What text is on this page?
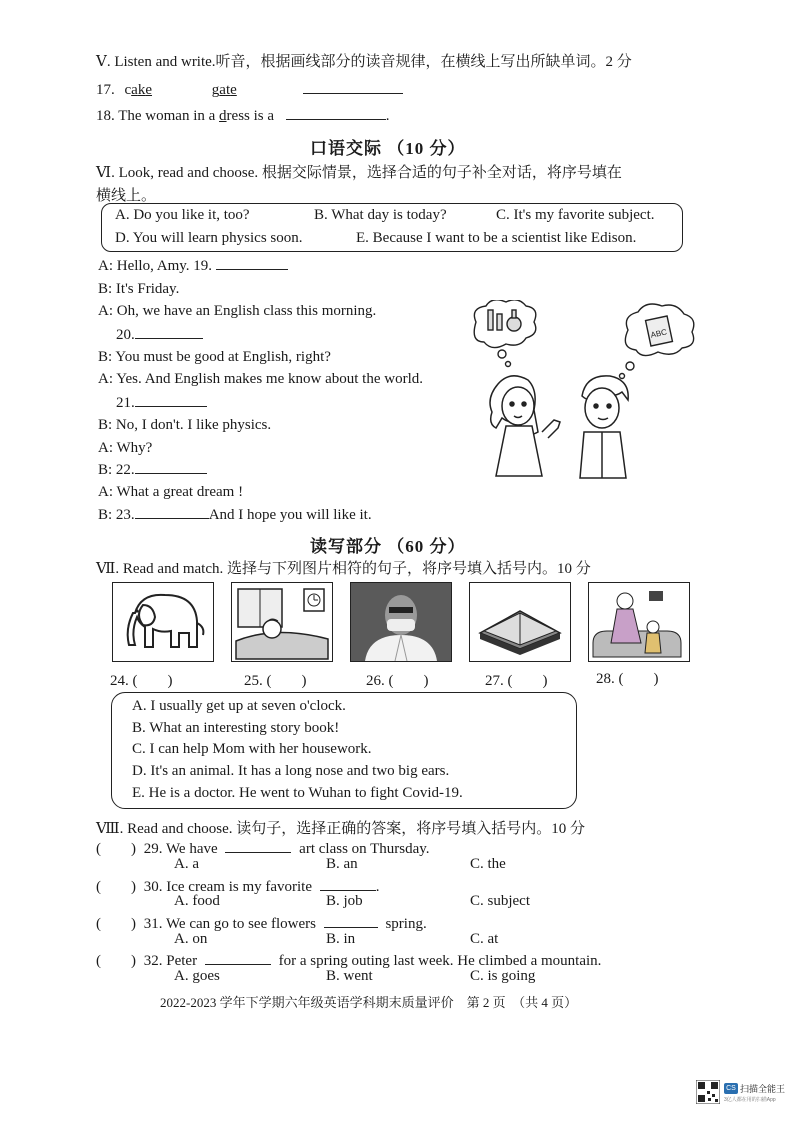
Ⅴ. Listen and write.听音，根据画线部分的读音规律，在横线上写出所缺单词。2 分
17. cake	gate
18. The woman in a dress is a	.
口语交际 （10 分）
Ⅵ. Look, read and choose. 根据交际情景，选择合适的句子补全对话，将序号填在
横线上。
A. Do you like it, too?	B. What day is today?	C. It's my favorite subject.
D. You will learn physics soon.	E. Because I want to be a scientist like Edison.
A: Hello, Amy. 19.
B: It's Friday.
A: Oh, we have an English class this morning.
20.
B: You must be good at English, right?
A: Yes. And English makes me know about the world.
21.
B: No, I don't. I like physics.
A: Why?
B: 22.
A: What a great dream !
B: 23.	And I hope you will like it.
ABC
读写部分 （60 分）
Ⅶ. Read and match. 选择与下列图片相符的句子，将序号填入括号内。10 分
24. (　　)	25. (　　)	26. (　　)	27. (　　)	28. (　　)
A. I usually get up at seven o'clock.
B. What an interesting story book!
C. I can help Mom with her housework.
D. It's an animal. It has a long nose and two big ears.
E. He is a doctor. He went to Wuhan to fight Covid-19.
Ⅷ. Read and choose. 读句子，选择正确的答案，将序号填入括号内。10 分
(　　) 29. We have	art class on Thursday.
A. a	B. an	C. the
(　　) 30. Ice cream is my favorite	.
A. food	B. job	C. subject
(　　) 31. We can go to see flowers	spring.
A. on	B. in	C. at
(　　) 32. Peter	for a spring outing last week. He climbed a mountain.
A. goes	B. went	C. is going
2022-2023 学年下学期六年级英语学科期末质量评价　第 2 页　（共 4 页）
CS 扫描全能王
3亿人都在用的扫描App
